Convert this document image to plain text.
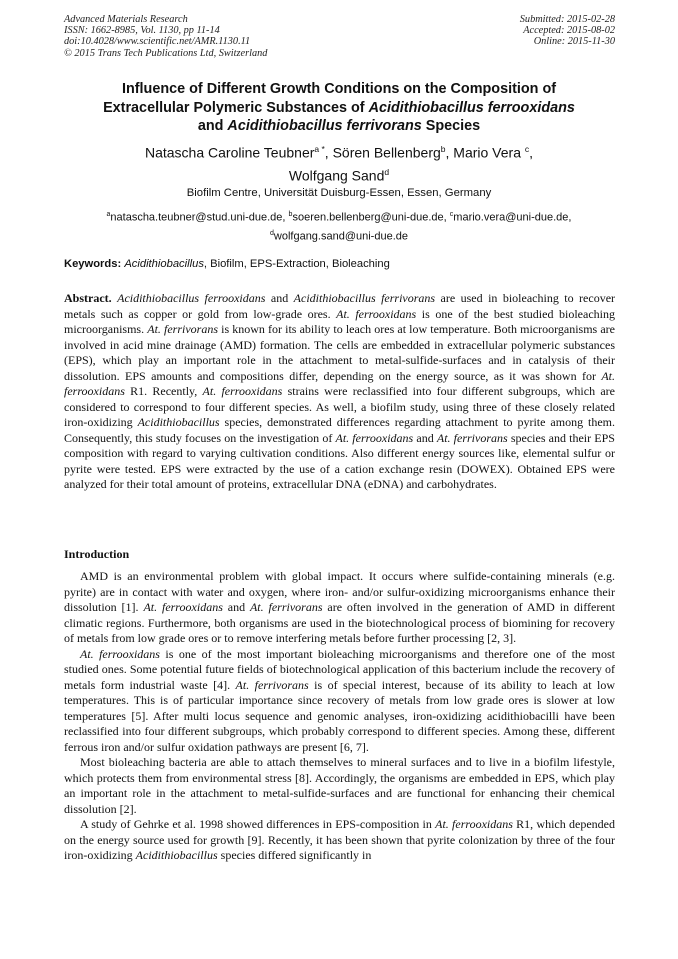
Advanced Materials Research
ISSN: 1662-8985, Vol. 1130, pp 11-14
doi:10.4028/www.scientific.net/AMR.1130.11
© 2015 Trans Tech Publications Ltd, Switzerland
Submitted: 2015-02-28
Accepted: 2015-08-02
Online: 2015-11-30
Influence of Different Growth Conditions on the Composition of
Extracellular Polymeric Substances of Acidithiobacillus ferrooxidans
and Acidithiobacillus ferrivorans Species
Natascha Caroline Teubner$^{a *}$, Sören Bellenberg$^b$, Mario Vera $^c$,
Wolfgang Sand$^d$
Biofilm Centre, Universität Duisburg-Essen, Essen, Germany
$^a$natascha.teubner@stud.uni-due.de, $^b$soeren.bellenberg@uni-due.de, $^c$mario.vera@uni-due.de,
$^d$wolfgang.sand@uni-due.de
Keywords: Acidithiobacillus, Biofilm, EPS-Extraction, Bioleaching
Abstract. Acidithiobacillus ferrooxidans and Acidithiobacillus ferrivorans are used in bioleaching to recover metals such as copper or gold from low-grade ores. At. ferrooxidans is one of the best studied bioleaching microorganisms. At. ferrivorans is known for its ability to leach ores at low temperature. Both microorganisms are involved in acid mine drainage (AMD) formation. The cells are embedded in extracellular polymeric substances (EPS), which play an important role in the attachment to metal-sulfide-surfaces and in catalysis of their dissolution. EPS amounts and compositions differ, depending on the energy source, as it was shown for At. ferrooxidans R1. Recently, At. ferrooxidans strains were reclassified into four different subgroups, which are considered to correspond to four different species. As well, a biofilm study, using three of these closely related iron-oxidizing Acidithiobacillus species, demonstrated differences regarding attachment to pyrite among them. Consequently, this study focuses on the investigation of At. ferrooxidans and At. ferrivorans species and their EPS composition with regard to varying cultivation conditions. Also different energy sources like, elemental sulfur or pyrite were tested. EPS were extracted by the use of a cation exchange resin (DOWEX). Obtained EPS were analyzed for their total amount of proteins, extracellular DNA (eDNA) and carbohydrates.
Introduction

AMD is an environmental problem with global impact. It occurs where sulfide-containing minerals (e.g. pyrite) are in contact with water and oxygen, where iron- and/or sulfur-oxidizing microorganisms enhance their dissolution [1]. At. ferrooxidans and At. ferrivorans are often involved in the generation of AMD in different climatic regions. Furthermore, both organisms are used in the biotechnological process of biomining for recovery of metals from low grade ores or to remove interfering metals before further processing [2, 3].

At. ferrooxidans is one of the most important bioleaching microorganisms and therefore one of the most studied ones. Some potential future fields of biotechnological application of this bacterium include the recovery of metals form industrial waste [4]. At. ferrivorans is of special interest, because of its ability to leach at low temperatures. This is of particular importance since recovery of metals from low grade ores is slower at low temperatures [5]. After multi locus sequence and genomic analyses, iron-oxidizing acidithiobacilli have been reclassified into four different subgroups, which probably correspond to different species. Among these, different ferrous iron and/or sulfur oxidation pathways are present [6, 7].

Most bioleaching bacteria are able to attach themselves to mineral surfaces and to live in a biofilm lifestyle, which protects them from environmental stress [8]. Accordingly, the organisms are embedded in EPS, which play an important role in the attachment to metal-sulfide-surfaces and are functional for enhancing their chemical dissolution [2].

A study of Gehrke et al. 1998 showed differences in EPS-composition in At. ferrooxidans R1, which depended on the energy source used for growth [9]. Recently, it has been shown that pyrite colonization by three of the four iron-oxidizing Acidithiobacillus species differed significantly in
